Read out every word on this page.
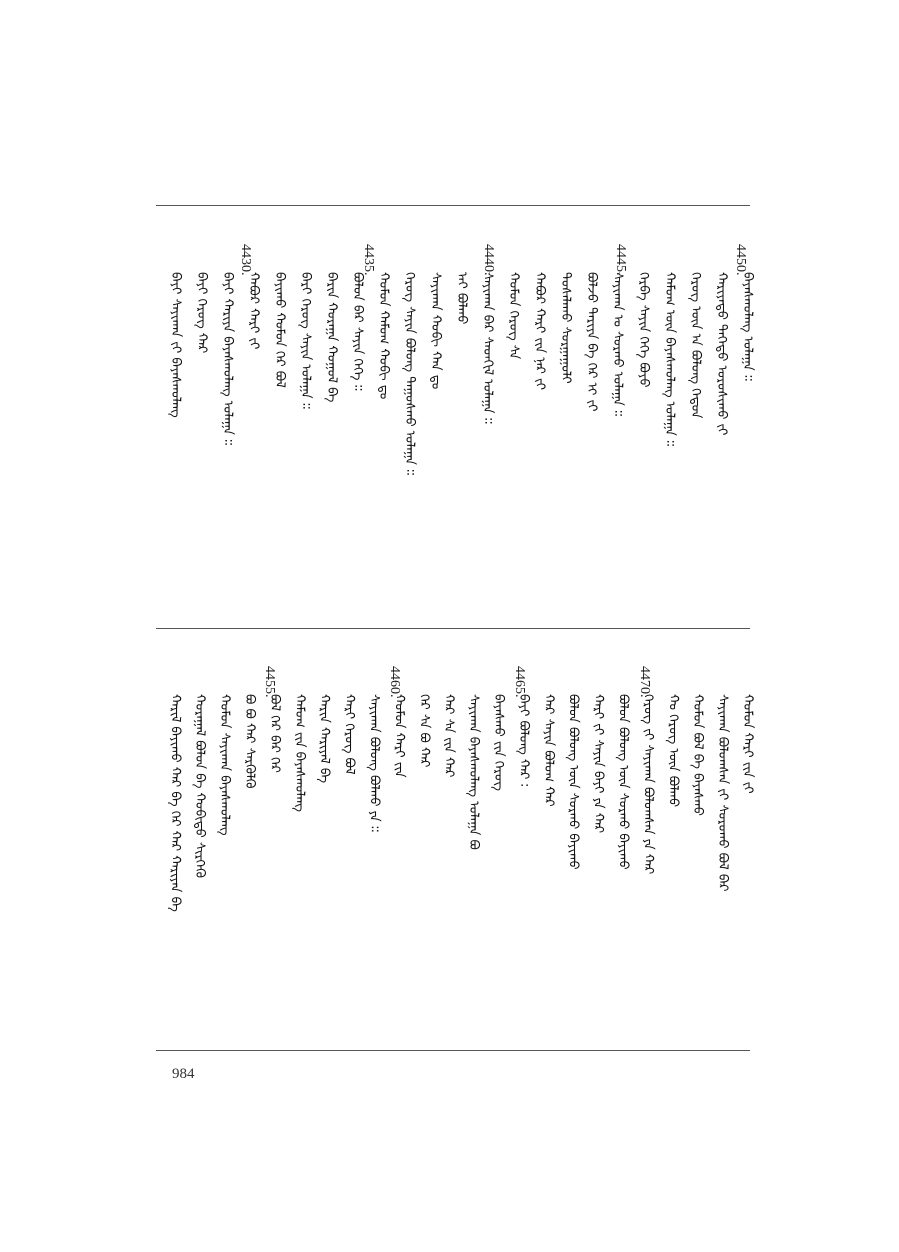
ᠪᠠᠶᠠᠰᠬᠤᠯᠠᠩ ᠤᠯᠠᠭᠠ ∶∶
ᠬᠠᠷᠢᠶᠠᠳᠤ ᠳᠡᠭᠡᠳᠦ ᠤᠷᠤᠰᠢᠬᠤ ᠶ᠋ᠢ
ᠬᠡᠷᠦᠭ ᠦᠨ ᠠ ᠪᠤᠯᠤᠩ ᠬᠡᠳᠦᠨ
ᠬᠠᠮᠤᠭ ᠦᠨ ᠪᠠᠶᠠᠰᠬᠤᠯᠠᠩ ᠤᠯᠠᠭᠠ ∶∶
ᠬᠡᠷᠪᠡ ᠰᠠᠶᠢᠨ ᠬᠡᠭᠡ ᠪᠤᠶᠤ
ᠰᠠᠶᠢᠬᠠᠨ ᠤ ᠰᠤᠷᠬᠤ ᠤᠯᠠᠭᠠ ∶∶
ᠪᠤᠯᠵᠤ ᠲᠠᠷᠢᠶᠠ ᠪᠠ ᠬᠡᠷ ᠢ ᠶ᠋ᠢ
ᠲᠤᠰᠠᠯᠠᠬᠤ ᠰᠤᠷᠭᠠᠭᠤᠯᠢ
ᠬᠠᠪᠤᠷ ᠬᠠᠷᠢ ᠶ᠋ᠢᠨ ᠨᠡᠷ ᠶ᠋ᠢ
ᠬᠤᠮᠤᠨ ᠬᠡᠷᠦᠭ ᠰᠡ
ᠰᠠᠶᠢᠬᠠᠨ ᠪᠡᠷ ᠰᠡᠳᠬᠢᠯ ᠤᠯᠠᠭᠠ ∶∶
ᠠᠶ ᠪᠤᠯᠬᠤ
ᠰᠠᠶᠢᠬᠠᠨ ᠬᠤᠪᠢ ᠬᠠᠨ ᠳᠤ
ᠬᠡᠷᠦᠭ ᠰᠠᠶᠢᠨ ᠪᠤᠯᠤᠩ ᠳᠠᠭᠤᠰᠬᠤ ᠤᠯᠠᠭᠠ ∶∶
ᠬᠤᠮᠤᠨ ᠬᠠᠮᠤᠭ ᠬᠤᠪᠢ ᠳᠤ
ᠪᠤᠯᠤᠨ ᠪᠡᠷ ᠰᠠᠶᠢᠨ ᠬᠡᠭᠡ ∶∶
ᠪᠠᠷᠢᠨ ᠬᠤᠷᠠᠭᠠ ᠬᠤᠭᠤᠯ ᠪᠠ
ᠪᠠᠷᠢ ᠬᠡᠷᠦᠭ ᠰᠠᠶᠢᠨ ᠤᠯᠠᠭᠠ ∶∶
ᠪᠠᠶᠢᠬᠤ ᠬᠤᠮᠤᠨ ᠬᠡᠷ ᠪᠤᠯ
ᠬᠠᠪᠤᠷ ᠬᠠᠷᠢ ᠶ᠋ᠢ
ᠪᠠᠶᠢ ᠬᠠᠷᠢᠶᠠ ᠪᠠᠶᠠᠰᠬᠤᠯᠠᠩ ᠤᠯᠠᠭᠠ ∶∶
ᠪᠠᠶᠢ ᠬᠡᠷᠦᠭ ᠬᠠᠷ
ᠪᠠᠶᠢ ᠰᠠᠶᠢᠬᠠᠨ ᠶ᠋ᠢ ᠪᠠᠶᠠᠰᠬᠤᠯᠠᠩ
ᠬᠤᠮᠤᠨ ᠬᠠᠷᠢ ᠶ᠋ᠢᠨ ᠶ᠋ᠢ
ᠰᠠᠶᠢᠬᠠᠨ ᠪᠤᠯᠤᠭᠰᠠᠨ ᠶ᠋ᠢ ᠰᠤᠷᠤᠬᠤ ᠪᠤᠯ ᠪᠠᠷ
ᠬᠤᠮᠤᠨ ᠪᠤᠯ ᠪᠠ ᠪᠠᠶᠠᠰᠬᠤ
ᠬᠤ ᠬᠡᠷᠦᠭ ᠦᠨ ᠪᠤᠯᠬᠤ
ᠬᠡᠷᠦᠭ ᠶ᠋ᠢ ᠰᠠᠶᠢᠬᠠᠨ ᠪᠤᠯᠤᠭᠰᠠᠨ ᠶᠡ ᠬᠠᠷ
ᠪᠤᠯᠤᠨ ᠪᠤᠯᠤᠩ ᠦᠨ ᠰᠤᠷᠬᠤ ᠪᠠᠶᠢᠬᠤ
ᠬᠠᠷᠢ ᠶ᠋ᠢ ᠰᠠᠶᠢᠨ ᠪᠠᠶᠢ ᠶᠡ ᠬᠠᠷ
ᠪᠤᠯᠤᠨ ᠪᠤᠯᠤᠩ ᠦᠨ ᠰᠤᠷᠬᠤ ᠪᠠᠶᠢᠬᠤ
ᠬᠠᠷ ᠰᠠᠶᠢᠨ ᠪᠤᠯᠤᠭ ᠬᠠᠷ
ᠪᠠᠶᠢ ᠪᠤᠯᠤᠩ ᠬᠠᠷ ∶
ᠪᠠᠶᠠᠰᠬᠤ ᠶ᠋ᠢᠨ ᠬᠡᠷᠦᠭ
ᠰᠠᠶᠢᠬᠠᠨ ᠪᠠᠶᠠᠰᠬᠤᠯᠠᠩ ᠤᠯᠠᠭᠠ ᠪᠤ
ᠬᠠᠷ ᠰᠠ ᠶ᠋ᠢᠨ ᠬᠠᠷ
ᠬᠡᠷ ᠰᠡ ᠪᠤ ᠬᠠᠷ
ᠬᠤᠮᠤᠨ ᠬᠠᠷᠢ ᠶ᠋ᠢᠨ
ᠰᠠᠶᠢᠬᠠᠨ ᠪᠤᠯᠤᠩ ᠪᠤᠯᠬᠤ ᠶᠡ ∶∶
ᠬᠠᠷᠢ ᠬᠡᠷᠦᠭ ᠪᠤᠯ
ᠬᠠᠷᠢᠨ ᠬᠠᠷᠢᠶᠠᠯ ᠪᠠ
ᠬᠠᠮᠤᠭ ᠶ᠋ᠢᠨ ᠪᠠᠶᠠᠰᠬᠤᠯᠠᠩ
ᠪᠤᠯ ᠬᠡᠷ ᠪᠡᠷ ᠬᠡᠷ
ᠪᠤ ᠪᠤ ᠬᠠᠷ ᠰᠡᠷᠭᠦᠯᠬᠦ
ᠬᠤᠮᠤᠨ ᠰᠠᠶᠢᠬᠠᠨ ᠪᠠᠶᠠᠰᠬᠤᠯᠠᠩ
ᠬᠤᠷᠠᠭᠠᠯ ᠪᠤᠯᠤᠨ ᠪᠠ ᠬᠤᠪᠢᠳᠤ ᠰᠢᠷᠭᠡᠬᠦ
ᠬᠠᠷᠢᠯ ᠪᠠᠶᠢᠬᠤ ᠬᠠᠷ ᠪᠠ ᠬᠡᠷ ᠬᠠᠷ ᠬᠠᠷᠢᠶᠠᠨ ᠪᠠ
4450.
4445.
4440.
4435.
4430.
4470.
4465.
4460.
4455.
984
